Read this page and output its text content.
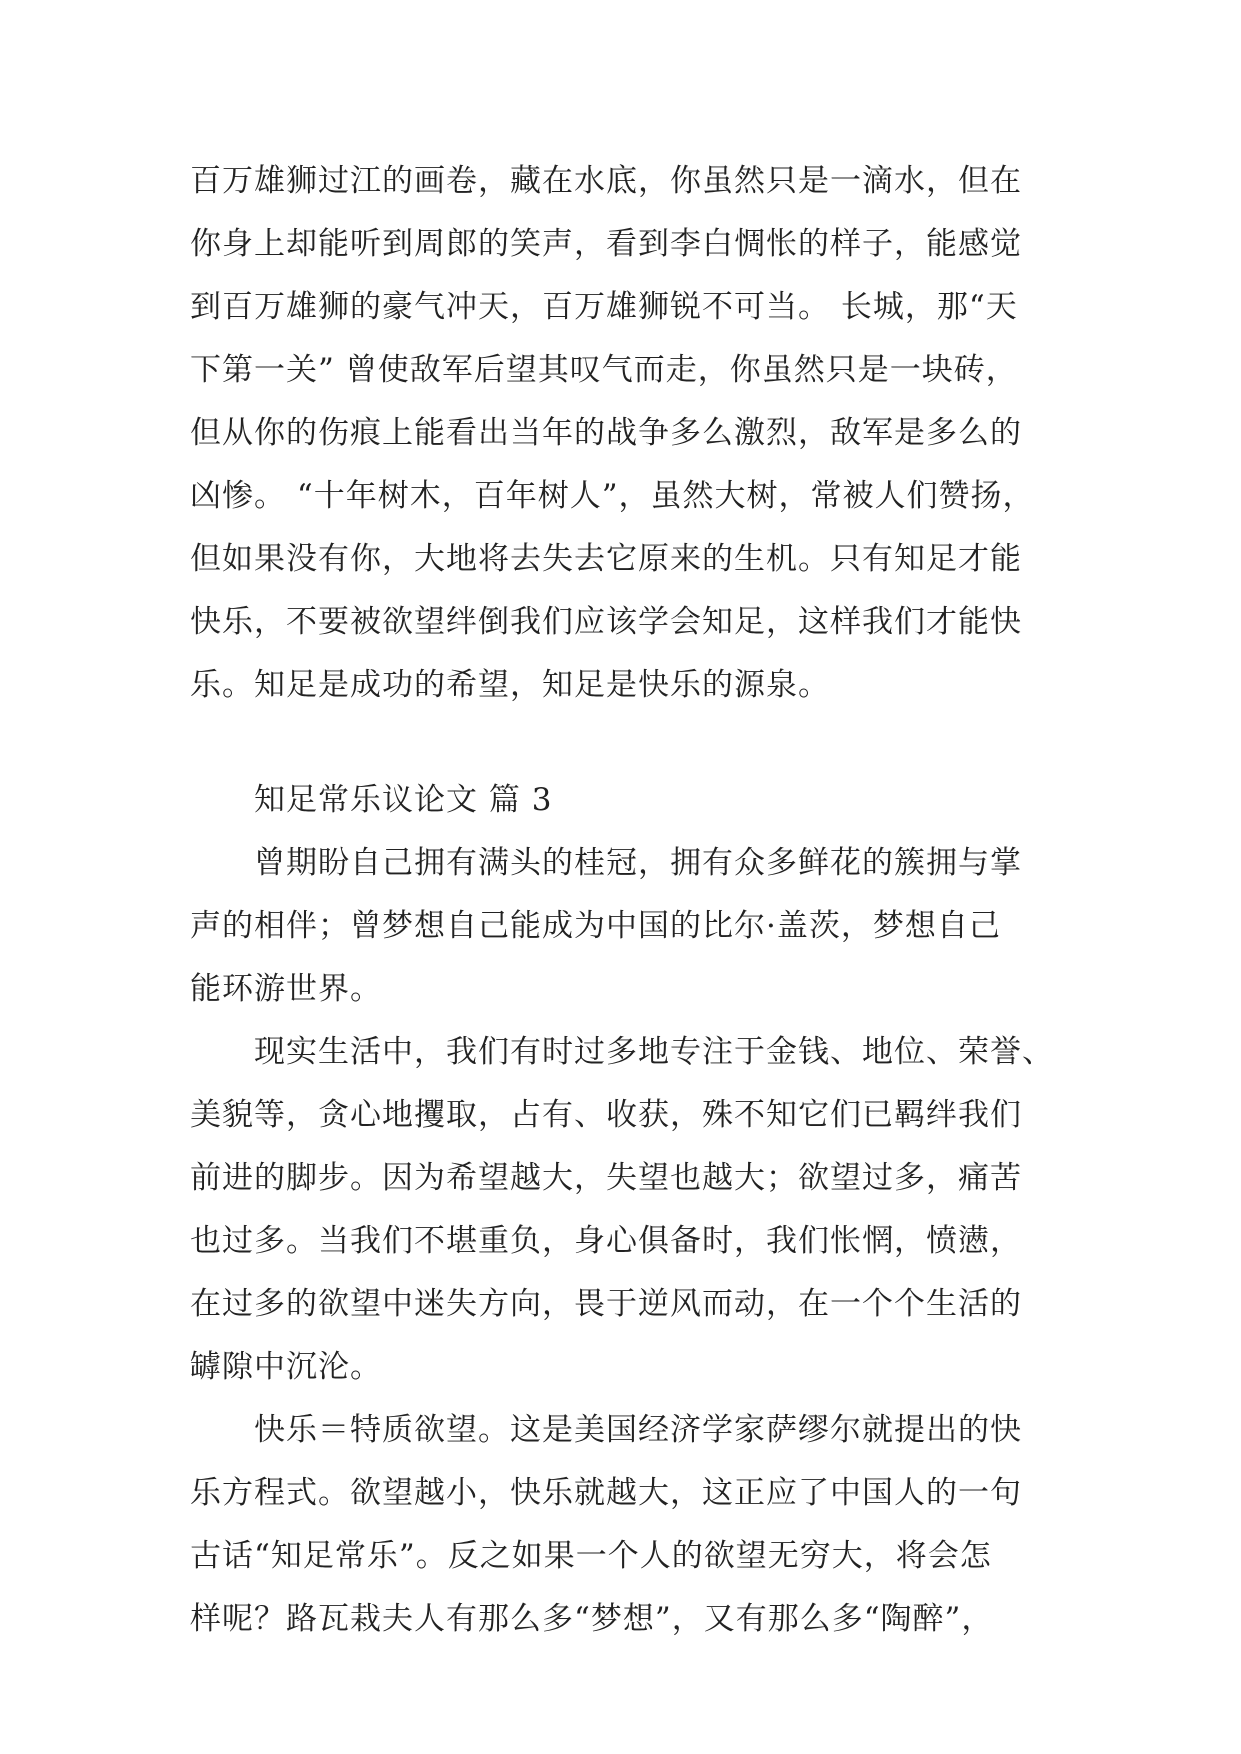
百万雄狮过江的画卷，藏在水底，你虽然只是一滴水，但在
你身上却能听到周郎的笑声，看到李白惆怅的样子，能感觉
到百万雄狮的豪气冲天，百万雄狮锐不可当。 长城，那“天
下第一关” 曾使敌军后望其叹气而走，你虽然只是一块砖，
但从你的伤痕上能看出当年的战争多么激烈，敌军是多么的
凶惨。 “十年树木，百年树人”，虽然大树，常被人们赞扬，
但如果没有你，大地将去失去它原来的生机。只有知足才能
快乐，不要被欲望绊倒我们应该学会知足，这样我们才能快
乐。知足是成功的希望，知足是快乐的源泉。
知足常乐议论文 篇 3
曾期盼自己拥有满头的桂冠，拥有众多鲜花的簇拥与掌
声的相伴；曾梦想自己能成为中国的比尔·盖茨，梦想自己
能环游世界。
现实生活中，我们有时过多地专注于金钱、地位、荣誉、
美貌等，贪心地攫取，占有、收获，殊不知它们已羁绊我们
前进的脚步。因为希望越大，失望也越大；欲望过多，痛苦
也过多。当我们不堪重负，身心俱备时，我们怅惘，愤懑，
在过多的欲望中迷失方向，畏于逆风而动，在一个个生活的
罅隙中沉沦。
快乐＝特质欲望。这是美国经济学家萨缪尔就提出的快
乐方程式。欲望越小，快乐就越大，这正应了中国人的一句
古话“知足常乐”。反之如果一个人的欲望无穷大，将会怎
样呢？路瓦栽夫人有那么多“梦想”，又有那么多“陶醉”，
